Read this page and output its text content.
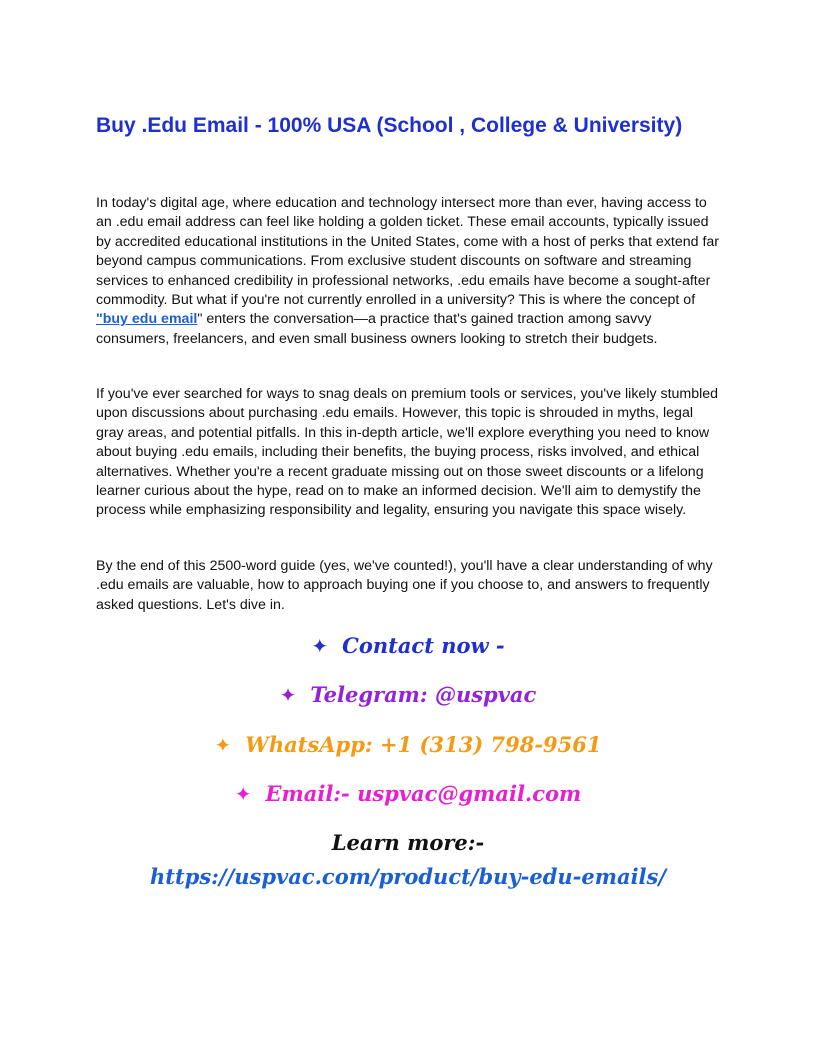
Buy .Edu Email - 100% USA (School , College & University)

In today's digital age, where education and technology intersect more than ever, having access to an .edu email address can feel like holding a golden ticket. These email accounts, typically issued by accredited educational institutions in the United States, come with a host of perks that extend far beyond campus communications. From exclusive student discounts on software and streaming services to enhanced credibility in professional networks, .edu emails have become a sought-after commodity. But what if you're not currently enrolled in a university? This is where the concept of "buy edu email" enters the conversation—a practice that's gained traction among savvy consumers, freelancers, and even small business owners looking to stretch their budgets.

If you've ever searched for ways to snag deals on premium tools or services, you've likely stumbled upon discussions about purchasing .edu emails. However, this topic is shrouded in myths, legal gray areas, and potential pitfalls. In this in-depth article, we'll explore everything you need to know about buying .edu emails, including their benefits, the buying process, risks involved, and ethical alternatives. Whether you're a recent graduate missing out on those sweet discounts or a lifelong learner curious about the hype, read on to make an informed decision. We'll aim to demystify the process while emphasizing responsibility and legality, ensuring you navigate this space wisely.

By the end of this 2500-word guide (yes, we've counted!), you'll have a clear understanding of why .edu emails are valuable, how to approach buying one if you choose to, and answers to frequently asked questions. Let's dive in.

✦ Contact now -

✦ Telegram: @uspvac

✦ WhatsApp: +1 (313) 798-9561

✦ Email:- uspvac@gmail.com

Learn more:-

https://uspvac.com/product/buy-edu-emails/
